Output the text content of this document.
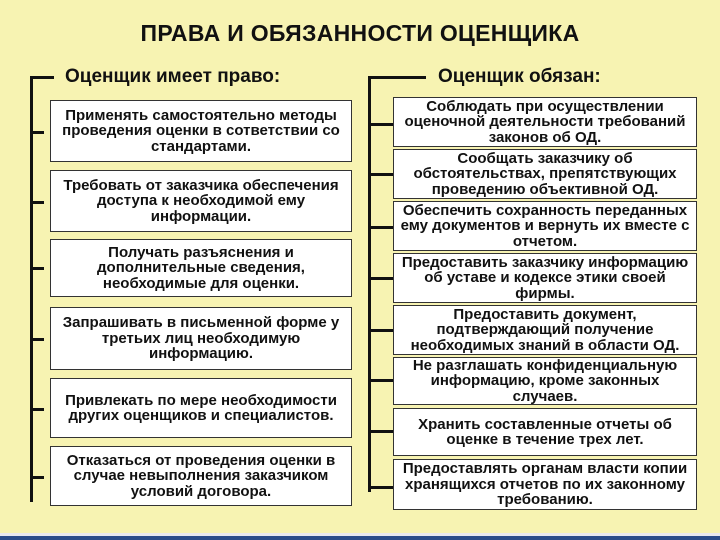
ПРАВА И ОБЯЗАННОСТИ ОЦЕНЩИКА
Оценщик имеет право:
Применять самостоятельно методы проведения оценки в сответствии со стандартами.
Требовать от заказчика обеспечения доступа к необходимой ему информации.
Получать разъяснения и дополнительные сведения, необходимые для оценки.
Запрашивать в письменной форме у третьих лиц необходимую информацию.
Привлекать по мере необходимости других оценщиков и специалистов.
Отказаться от проведения оценки в случае невыполнения заказчиком условий договора.
Оценщик обязан:
Соблюдать при осуществлении оценочной деятельности требований законов об ОД.
Сообщать заказчику об обстоятельствах, препятствующих проведению объективной ОД.
Обеспечить сохранность переданных ему документов и вернуть их вместе с отчетом.
Предоставить заказчику информацию об уставе и кодексе этики своей фирмы.
Предоставить документ, подтверждающий получение необходимых знаний в области ОД.
Не разглашать конфиденциальную информацию, кроме законных случаев.
Хранить составленные отчеты об оценке в течение трех лет.
Предоставлять органам власти копии хранящихся отчетов по их законному требованию.
